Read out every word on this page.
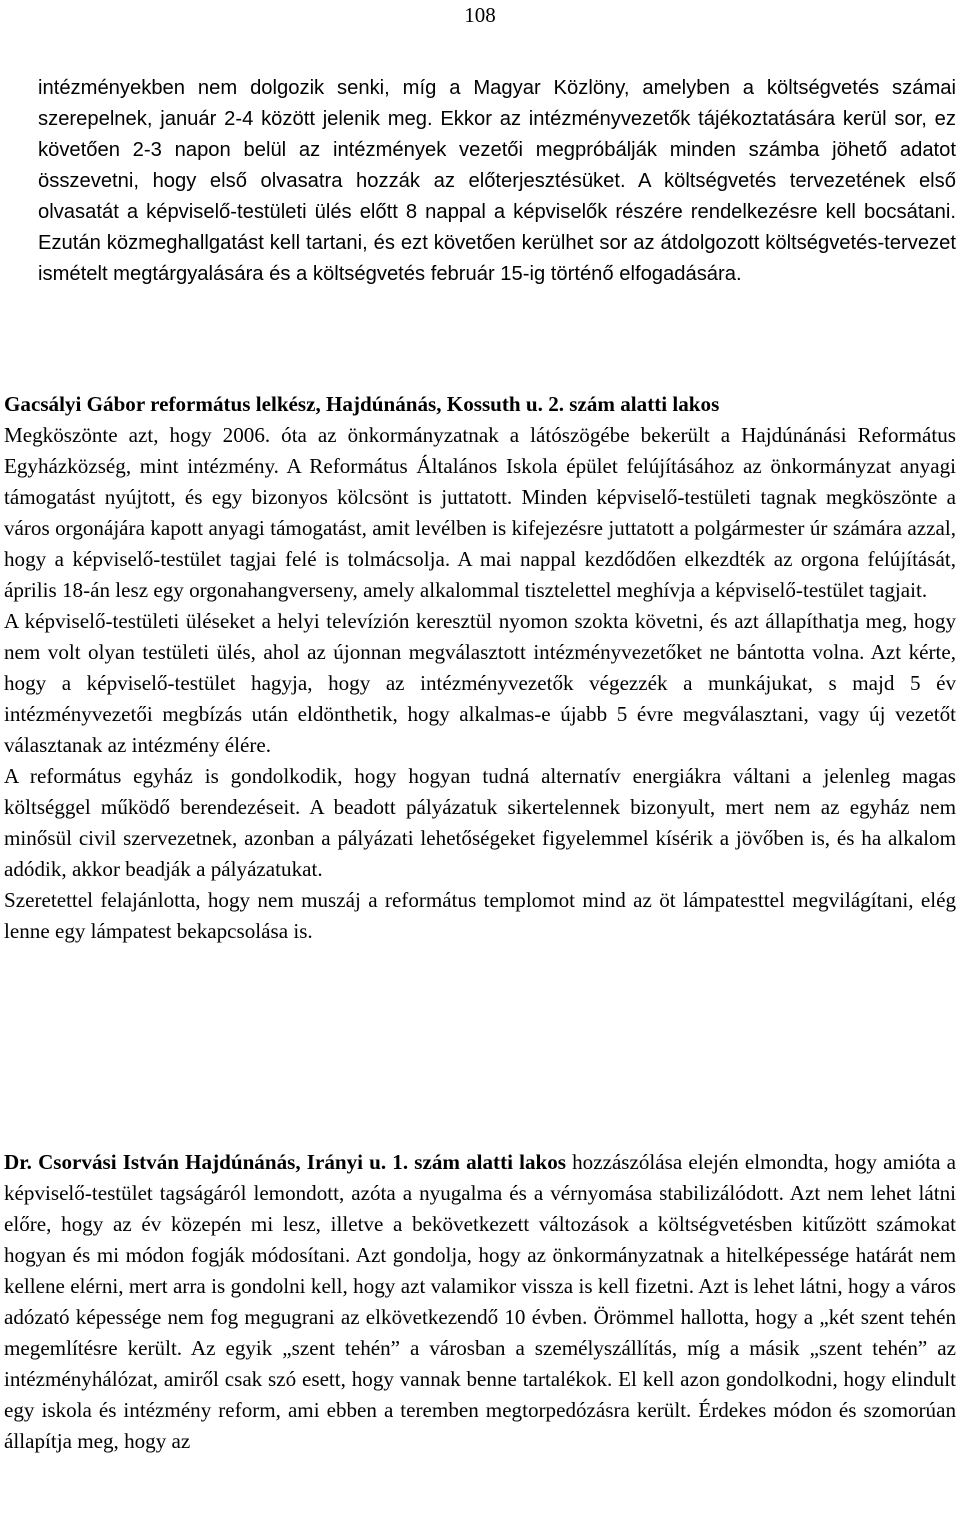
108

intézményekben nem dolgozik senki, míg a Magyar Közlöny, amelyben a költségvetés számai szerepelnek, január 2-4 között jelenik meg. Ekkor az intézményvezetők tájékoztatására kerül sor, ez követően 2-3 napon belül az intézmények vezetői megpróbálják minden számba jöhető adatot összevetni, hogy első olvasatra hozzák az előterjesztésüket. A költségvetés tervezetének első olvasatát a képviselő-testületi ülés előtt 8 nappal a képviselők részére rendelkezésre kell bocsátani. Ezután közmeghallgatást kell tartani, és ezt követően kerülhet sor az átdolgozott költségvetés-tervezet ismételt megtárgyalására és a költségvetés február 15-ig történő elfogadására.

Gacsályi Gábor református lelkész, Hajdúnánás, Kossuth u. 2. szám alatti lakos

Megköszönte azt, hogy 2006. óta az önkormányzatnak a látószögébe bekerült a Hajdúnánási Református Egyházközség, mint intézmény. A Református Általános Iskola épület felújításához az önkormányzat anyagi támogatást nyújtott, és egy bizonyos kölcsönt is juttatott. Minden képviselő-testületi tagnak megköszönte a város orgonájára kapott anyagi támogatást, amit levélben is kifejezésre juttatott a polgármester úr számára azzal, hogy a képviselő-testület tagjai felé is tolmácsolja. A mai nappal kezdődően elkezdték az orgona felújítását, április 18-án lesz egy orgonahangverseny, amely alkalommal tisztelettel meghívja a képviselő-testület tagjait.

A képviselő-testületi üléseket a helyi televízión keresztül nyomon szokta követni, és azt állapíthatja meg, hogy nem volt olyan testületi ülés, ahol az újonnan megválasztott intézményvezetőket ne bántotta volna. Azt kérte, hogy a képviselő-testület hagyja, hogy az intézményvezetők végezzék a munkájukat, s majd 5 év intézményvezetői megbízás után eldönthetik, hogy alkalmas-e újabb 5 évre megválasztani, vagy új vezetőt választanak az intézmény élére.

A református egyház is gondolkodik, hogy hogyan tudná alternatív energiákra váltani a jelenleg magas költséggel működő berendezéseit. A beadott pályázatuk sikertelennek bizonyult, mert nem az egyház nem minősül civil szervezetnek, azonban a pályázati lehetőségeket figyelemmel kísérik a jövőben is, és ha alkalom adódik, akkor beadják a pályázatukat.

Szeretettel felajánlotta, hogy nem muszáj a református templomot mind az öt lámpatesttel megvilágítani, elég lenne egy lámpatest bekapcsolása is.

Dr. Csorvási István Hajdúnánás, Irányi u. 1. szám alatti lakos hozzászólása elején elmondta, hogy amióta a képviselő-testület tagságáról lemondott, azóta a nyugalma és a vérnyomása stabilizálódott. Azt nem lehet látni előre, hogy az év közepén mi lesz, illetve a bekövetkezett változások a költségvetésben kitűzött számokat hogyan és mi módon fogják módosítani. Azt gondolja, hogy az önkormányzatnak a hitelképessége határát nem kellene elérni, mert arra is gondolni kell, hogy azt valamikor vissza is kell fizetni. Azt is lehet látni, hogy a város adózató képessége nem fog megugrani az elkövetkezendő 10 évben. Örömmel hallotta, hogy a „két szent tehén megemlítésre került. Az egyik „szent tehén” a városban a személyszállítás, míg a másik „szent tehén” az intézményhálózat, amiről csak szó esett, hogy vannak benne tartalékok. El kell azon gondolkodni, hogy elindult egy iskola és intézmény reform, ami ebben a teremben megtorpedózásra került. Érdekes módon és szomorúan állapítja meg, hogy az
